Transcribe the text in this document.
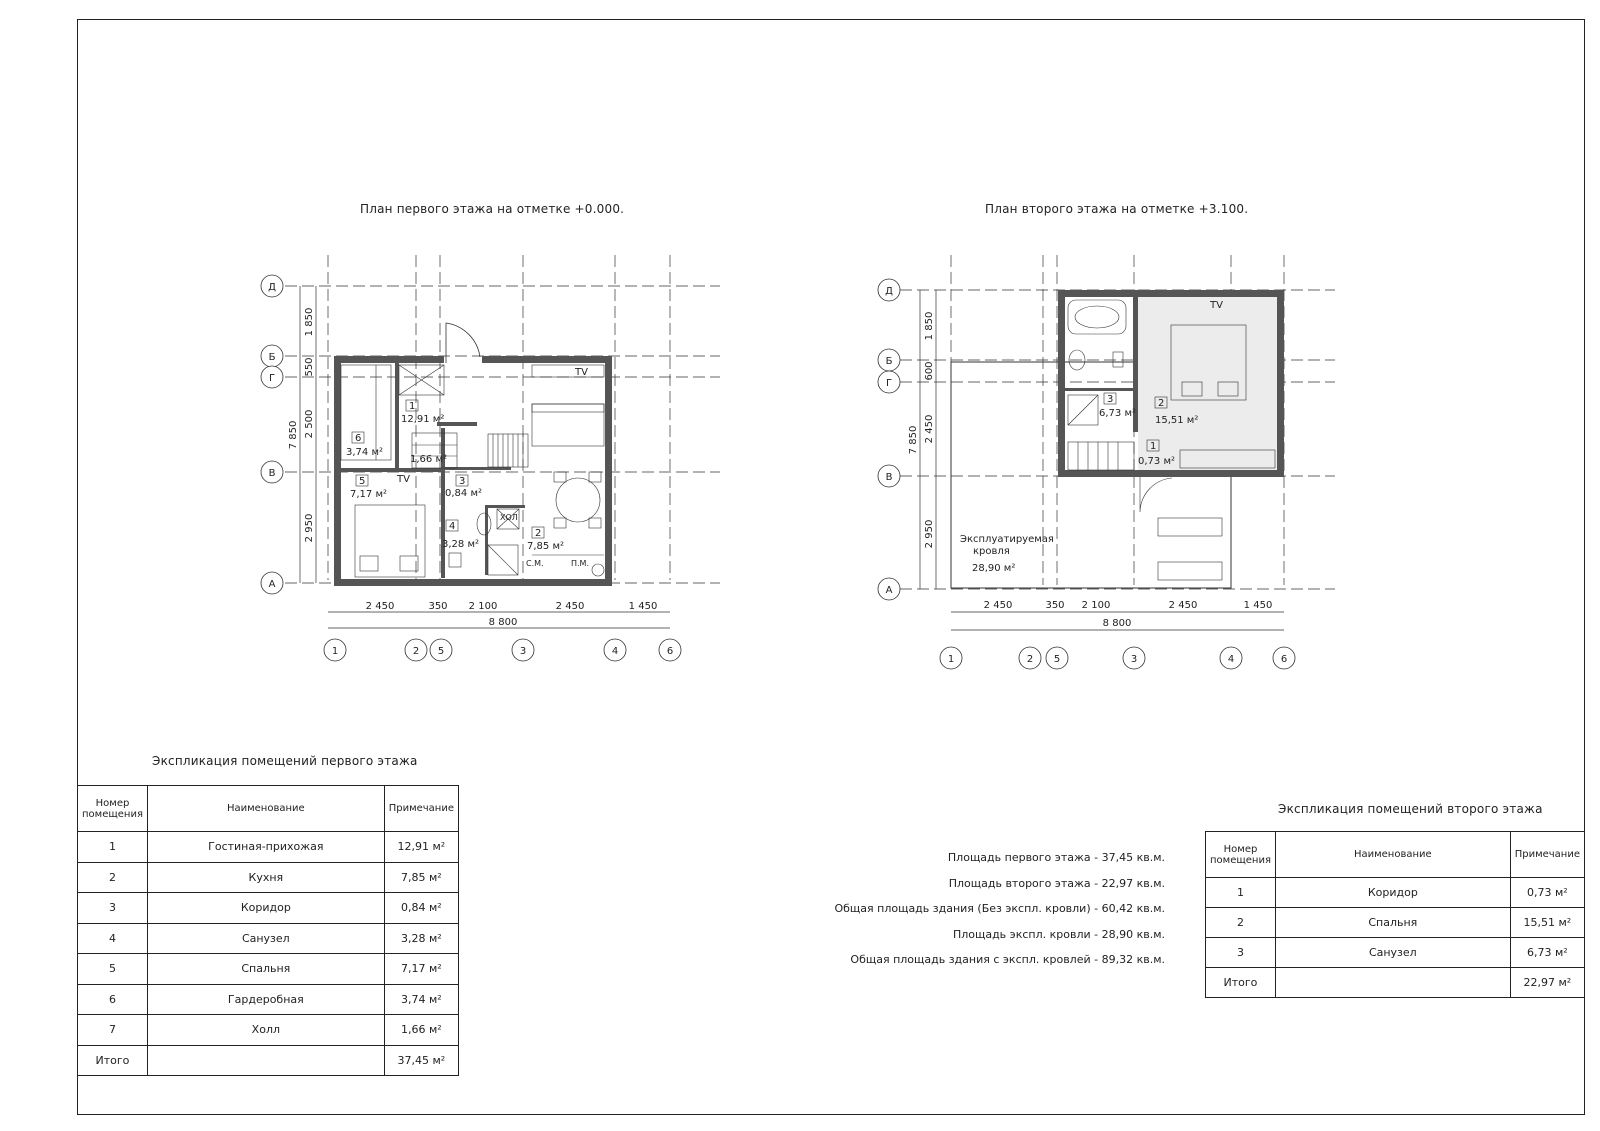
План первого этажа на отметке +0.000.	План второго этажа на отметке +3.100.
1
12,91 м²
1,66 м²
2
7,85 м²
3
0,84 м²
4
3,28 м²
5
7,17 м²
6
3,74 м²
TV
TV
ХОЛ
С.М.	П.М.
Д
Б
Г
В
А
1	2 5	3	4	6
2 450	350 2 100	2 450	1 450
8 800
1 850
550
2 500
2 950
7 850	1
0,73 м²
2
15,51 м²
3
6,73 м²
TV
Эксплуатируемая
кровля
28,90 м²
Д
Б
Г
В
А
1	2 5	3	4	6
2 450	350 2 100	2 450	1 450
8 800
1 850
600
2 450
2 950
7 850
Экспликация помещений первого этажа
Номер помещения	Наименование	Примечание
1	Гостиная-прихожая	12,91 м²
2	Кухня	7,85 м²
3	Коридор	0,84 м²
4	Санузел	3,28 м²
5	Спальня	7,17 м²
6	Гардеробная	3,74 м²
7	Холл	1,66 м²
Итого		37,45 м²
Площадь первого этажа - 37,45 кв.м.
Площадь второго этажа - 22,97 кв.м.
Общая площадь здания (Без экспл. кровли) - 60,42 кв.м.
Площадь экспл. кровли - 28,90 кв.м.
Общая площадь здания с экспл. кровлей - 89,32 кв.м.
Экспликация помещений второго этажа
Номер помещения	Наименование	Примечание
1	Коридор	0,73 м²
2	Спальня	15,51 м²
3	Санузел	6,73 м²
Итого		22,97 м²
